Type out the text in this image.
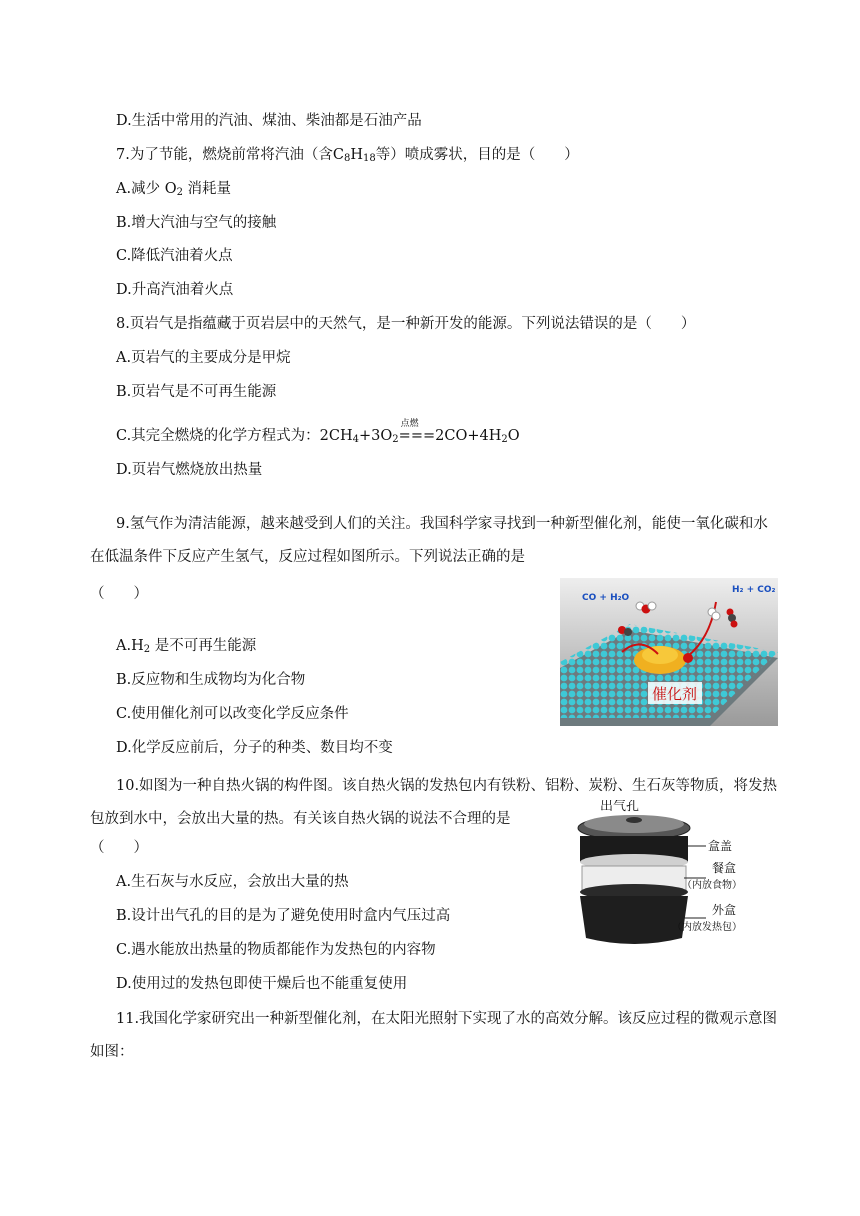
D.生活中常用的汽油、煤油、柴油都是石油产品
7.为了节能，燃烧前常将汽油（含$C_8H_{18}$等）喷成雾状，目的是（　　）
A.减少 $O_2$ 消耗量
B.增大汽油与空气的接触
C.降低汽油着火点
D.升高汽油着火点
8.页岩气是指蕴藏于页岩层中的天然气，是一种新开发的能源。下列说法错误的是（　　）
A.页岩气的主要成分是甲烷
B.页岩气是不可再生能源
C.其完全燃烧的化学方程式为：$2CH_4+3O_2$
点燃
$===2CO+4H_2O$
D.页岩气燃烧放出热量
9.氢气作为清洁能源，越来越受到人们的关注。我国科学家寻找到一种新型催化剂，能使一氧化碳和水在低温条件下反应产生氢气，反应过程如图所示。下列说法正确的是
（　　）
$A.H_2$ 是不可再生能源
B.反应物和生成物均为化合物
C.使用催化剂可以改变化学反应条件
D.化学反应前后，分子的种类、数目均不变
CO + H₂O
H₂ + CO₂
催化剂
10.如图为一种自热火锅的构件图。该自热火锅的发热包内有铁粉、铝粉、炭粉、生石灰等物质，将发热包放到水中，会放出大量的热。有关该自热火锅的说法不合理的是
（　　）
A.生石灰与水反应，会放出大量的热
B.设计出气孔的目的是为了避免使用时盒内气压过高
C.遇水能放出热量的物质都能作为发热包的内容物
D.使用过的发热包即使干燥后也不能重复使用
出气孔
盒盖
餐盒
（内放食物）
外盒
（内放发热包）
11.我国化学家研究出一种新型催化剂，在太阳光照射下实现了水的高效分解。该反应过程的微观示意图如图：
